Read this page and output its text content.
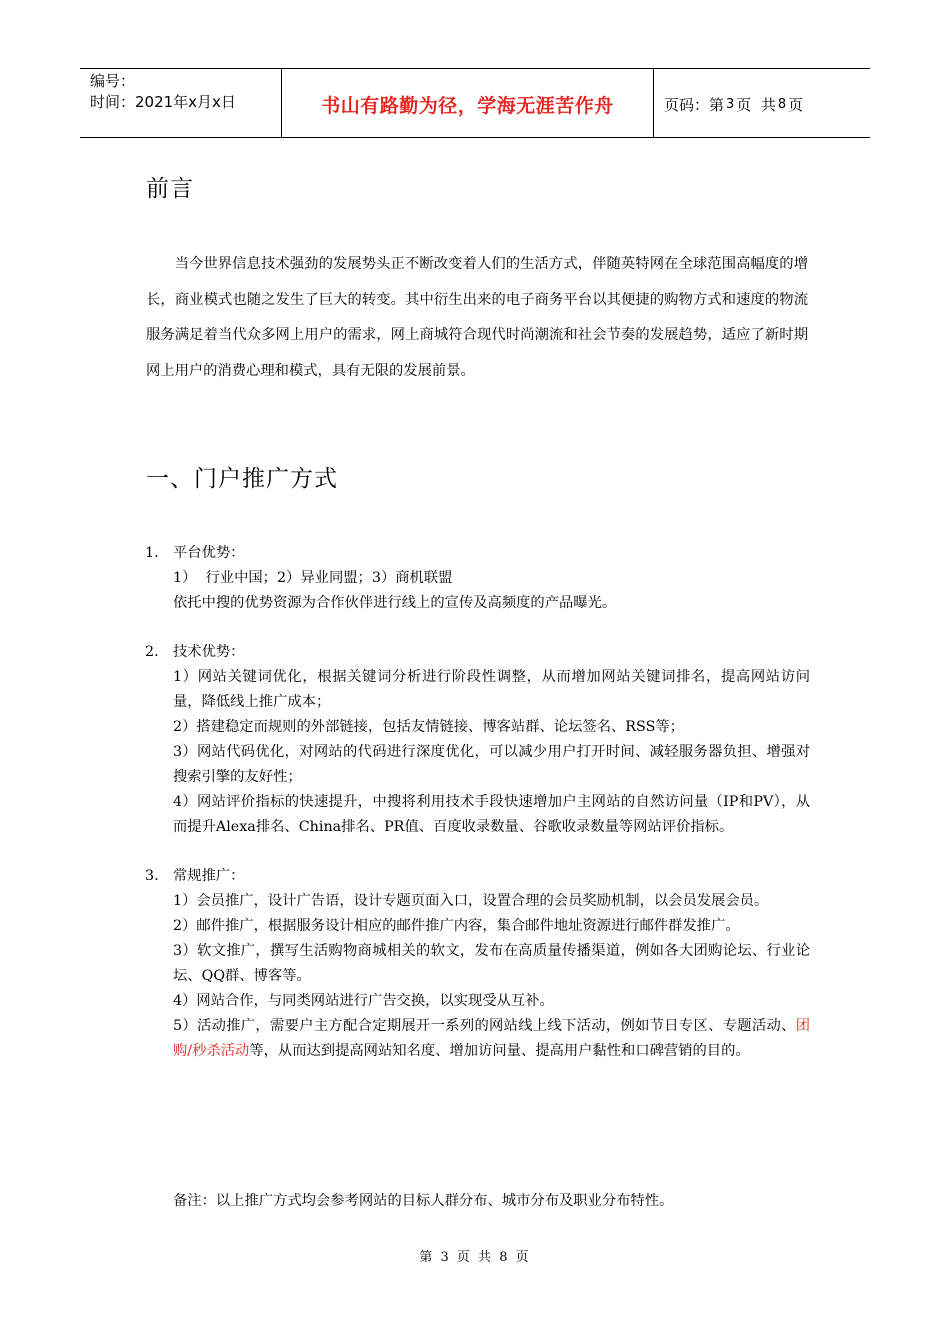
编号：
时间：2021年x月x日	书山有路勤为径，学海无涯苦作舟	页码：第 3 页  共 8 页
前言

当今世界信息技术强劲的发展势头正不断改变着人们的生活方式，伴随英特网在全球范围高幅度的增长，商业模式也随之发生了巨大的转变。其中衍生出来的电子商务平台以其便捷的购物方式和速度的物流服务满足着当代众多网上用户的需求，网上商城符合现代时尚潮流和社会节奏的发展趋势，适应了新时期网上用户的消费心理和模式，具有无限的发展前景。

一、门户推广方式
1. 平台优势：

1）  行业中国；2）异业同盟；3）商机联盟

依托中搜的优势资源为合作伙伴进行线上的宣传及高频度的产品曝光。

2. 技术优势：

1）网站关键词优化，根据关键词分析进行阶段性调整，从而增加网站关键词排名，提高网站访问量，降低线上推广成本；

2）搭建稳定而规则的外部链接，包括友情链接、博客站群、论坛签名、RSS等；

3）网站代码优化，对网站的代码进行深度优化，可以减少用户打开时间、减轻服务器负担、增强对搜索引擎的友好性；

4）网站评价指标的快速提升，中搜将利用技术手段快速增加户主网站的自然访问量（IP和PV），从而提升Alexa排名、China排名、PR值、百度收录数量、谷歌收录数量等网站评价指标。

3. 常规推广：

1）会员推广，设计广告语，设计专题页面入口，设置合理的会员奖励机制，以会员发展会员。

2）邮件推广，根据服务设计相应的邮件推广内容，集合邮件地址资源进行邮件群发推广。

3）软文推广，撰写生活购物商城相关的软文，发布在高质量传播渠道，例如各大团购论坛、行业论坛、QQ群、博客等。

4）网站合作，与同类网站进行广告交换，以实现受从互补。

5）活动推广，需要户主方配合定期展开一系列的网站线上线下活动，例如节日专区、专题活动、团购/秒杀活动等，从而达到提高网站知名度、增加访问量、提高用户黏性和口碑营销的目的。

备注：以上推广方式均会参考网站的目标人群分布、城市分布及职业分布特性。

第 3 页 共 8 页
